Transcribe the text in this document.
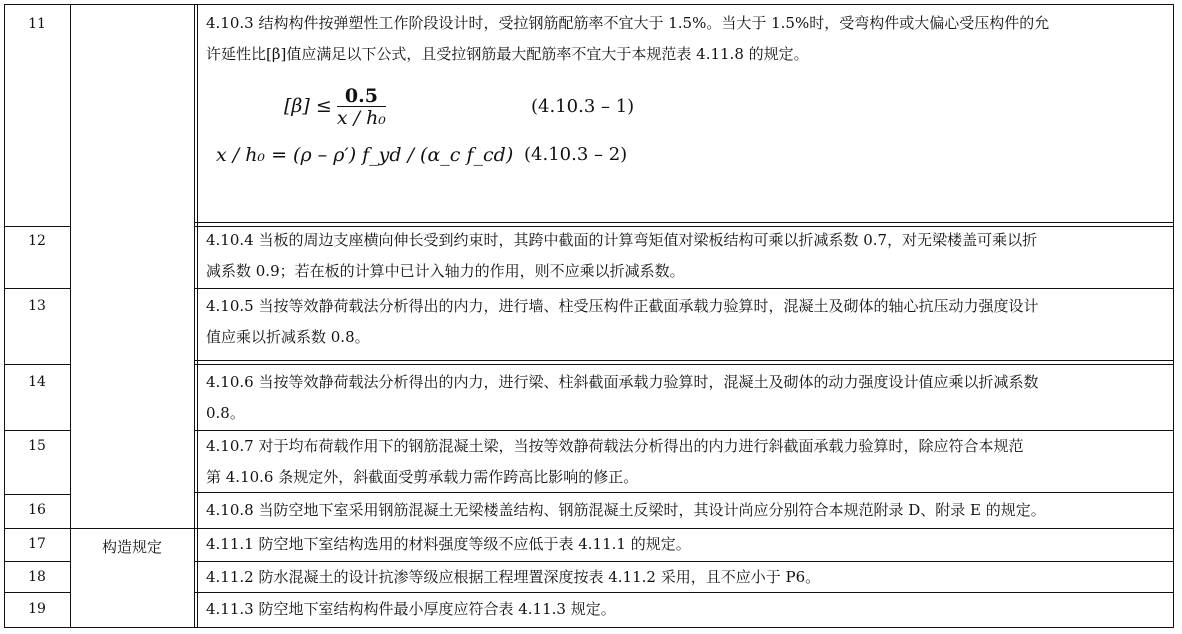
11
12
13
14
15
16
17
18
19
构造规定
4.10.3 结构构件按弹塑性工作阶段设计时，受拉钢筋配筋率不宜大于 1.5%。当大于 1.5%时，受弯构件或大偏心受压构件的允
许延性比[β]值应满足以下公式，且受拉钢筋最大配筋率不宜大于本规范表 4.11.8 的规定。
$[\beta] \le \frac{0.5}{\text{x / h₀}}$	(4.10.3 – 1)
x / h₀ = (ρ – ρ′) f_yd / (α_c f_cd) (4.10.3 – 2)
4.10.4 当板的周边支座横向伸长受到约束时，其跨中截面的计算弯矩值对梁板结构可乘以折减系数 0.7，对无梁楼盖可乘以折
减系数 0.9；若在板的计算中已计入轴力的作用，则不应乘以折减系数。
4.10.5 当按等效静荷载法分析得出的内力，进行墙、柱受压构件正截面承载力验算时，混凝土及砌体的轴心抗压动力强度设计
值应乘以折减系数 0.8。
4.10.6 当按等效静荷载法分析得出的内力，进行梁、柱斜截面承载力验算时，混凝土及砌体的动力强度设计值应乘以折减系数
0.8。
4.10.7 对于均布荷载作用下的钢筋混凝土梁，当按等效静荷载法分析得出的内力进行斜截面承载力验算时，除应符合本规范
第 4.10.6 条规定外，斜截面受剪承载力需作跨高比影响的修正。
4.10.8 当防空地下室采用钢筋混凝土无梁楼盖结构、钢筋混凝土反梁时，其设计尚应分别符合本规范附录 D、附录 E 的规定。
4.11.1 防空地下室结构选用的材料强度等级不应低于表 4.11.1 的规定。
4.11.2 防水混凝土的设计抗渗等级应根据工程埋置深度按表 4.11.2 采用，且不应小于 P6。
4.11.3 防空地下室结构构件最小厚度应符合表 4.11.3 规定。
